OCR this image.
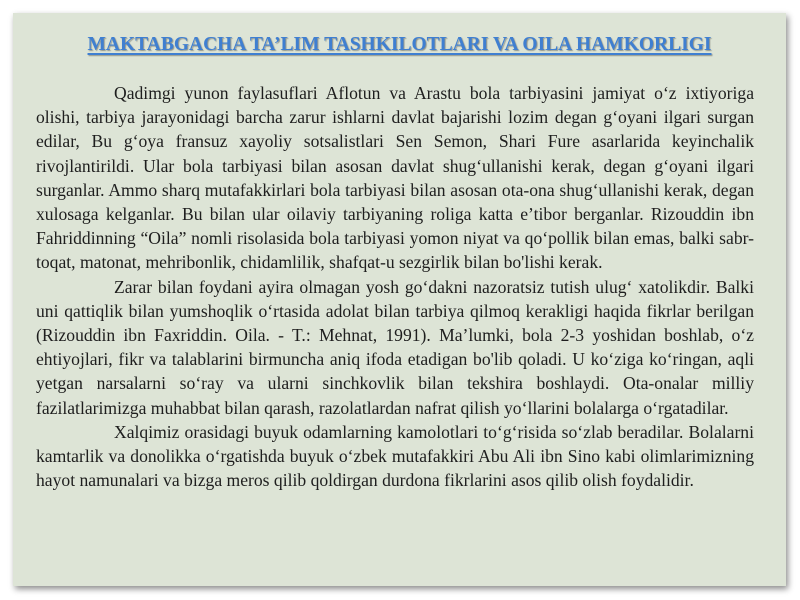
MAKTABGACHA TA’LIM TASHKILOTLARI VA OILA HAMKORLIGI

Qadimgi yunon faylasuflari Aflotun va Arastu bola tarbiyasini jamiyat o‘z ixtiyoriga olishi, tarbiya jarayonidagi barcha zarur ishlarni davlat bajarishi lozim degan g‘oyani ilgari surgan edilar, Bu g‘oya fransuz xayoliy sotsalistlari Sen Semon, Shari Fure asarlarida keyinchalik rivojlantirildi. Ular bola tarbiyasi bilan asosan davlat shug‘ullanishi kerak, degan g‘oyani ilgari surganlar. Ammo sharq mutafakkirlari bola tarbiyasi bilan asosan ota-ona shug‘ullanishi kerak, degan xulosaga kelganlar. Bu bilan ular oilaviy tarbiyaning roliga katta e’tibor berganlar. Rizouddin ibn Fahriddinning “Oila” nomli risolasida bola tarbiyasi yomon niyat va qo‘pollik bilan emas, balki sabr-toqat, matonat, mehribonlik, chidamlilik, shafqat-u sezgirlik bilan bo'lishi kerak.

Zarar bilan foydani ayira olmagan yosh go‘dakni nazoratsiz tutish ulug‘ xatolikdir. Balki uni qattiqlik bilan yumshoqlik o‘rtasida adolat bilan tarbiya qilmoq kerakligi haqida fikrlar berilgan (Rizouddin ibn Faxriddin. Oila. - T.: Mehnat, 1991). Ma’lumki, bola 2-3 yoshidan boshlab, o‘z ehtiyojlari, fikr va talablarini birmuncha aniq ifoda etadigan bo'lib qoladi. U ko‘ziga ko‘ringan, aqli yetgan narsalarni so‘ray va ularni sinchkovlik bilan tekshira boshlaydi. Ota-onalar milliy fazilatlarimizga muhabbat bilan qarash, razolatlardan nafrat qilish yo‘llarini bolalarga o‘rgatadilar.

Xalqimiz orasidagi buyuk odamlarning kamolotlari to‘g‘risida so‘zlab beradilar. Bolalarni kamtarlik va donolikka o‘rgatishda buyuk o‘zbek mutafakkiri Abu Ali ibn Sino kabi olimlarimizning hayot namunalari va bizga meros qilib qoldirgan durdona fikrlarini asos qilib olish foydalidir.
